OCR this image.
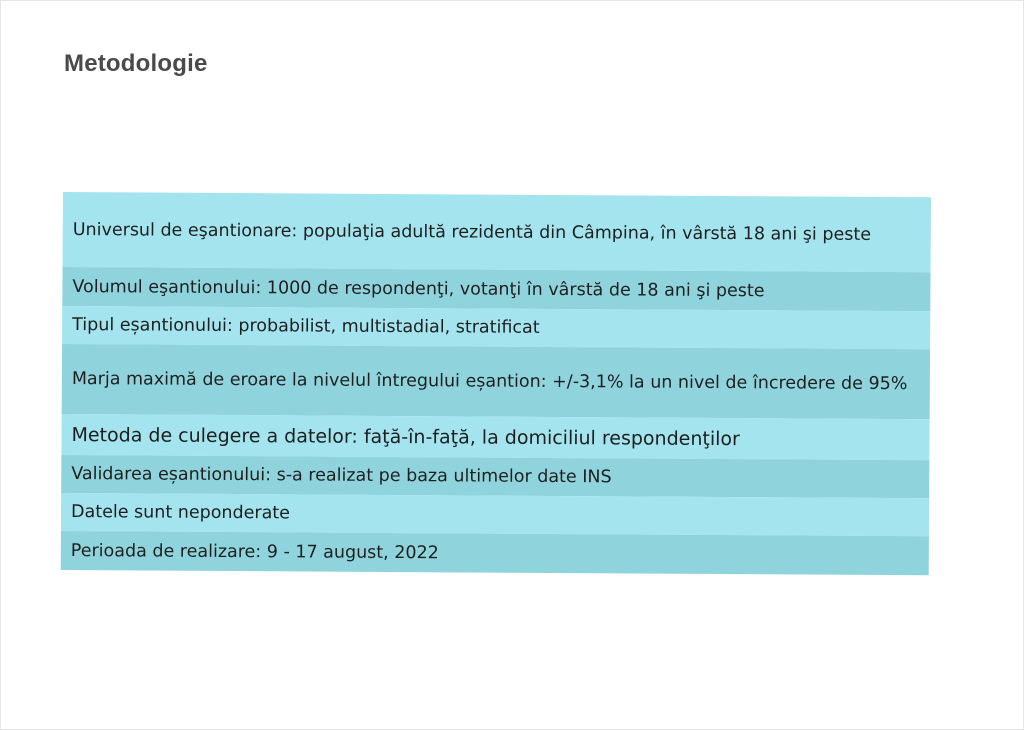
Metodologie
Universul de eşantionare: populaţia adultă rezidentă din Câmpina, în vârstă 18 ani şi peste
Volumul eşantionului: 1000 de respondenţi, votanţi în vârstă de 18 ani şi peste
Tipul eșantionului: probabilist, multistadial, stratificat
Marja maximă de eroare la nivelul întregului eșantion: +/-3,1% la un nivel de încredere de 95%
Metoda de culegere a datelor: faţă-în-faţă, la domiciliul respondenţilor
Validarea eșantionului: s-a realizat pe baza ultimelor date INS
Datele sunt neponderate
Perioada de realizare: 9 - 17 august, 2022
